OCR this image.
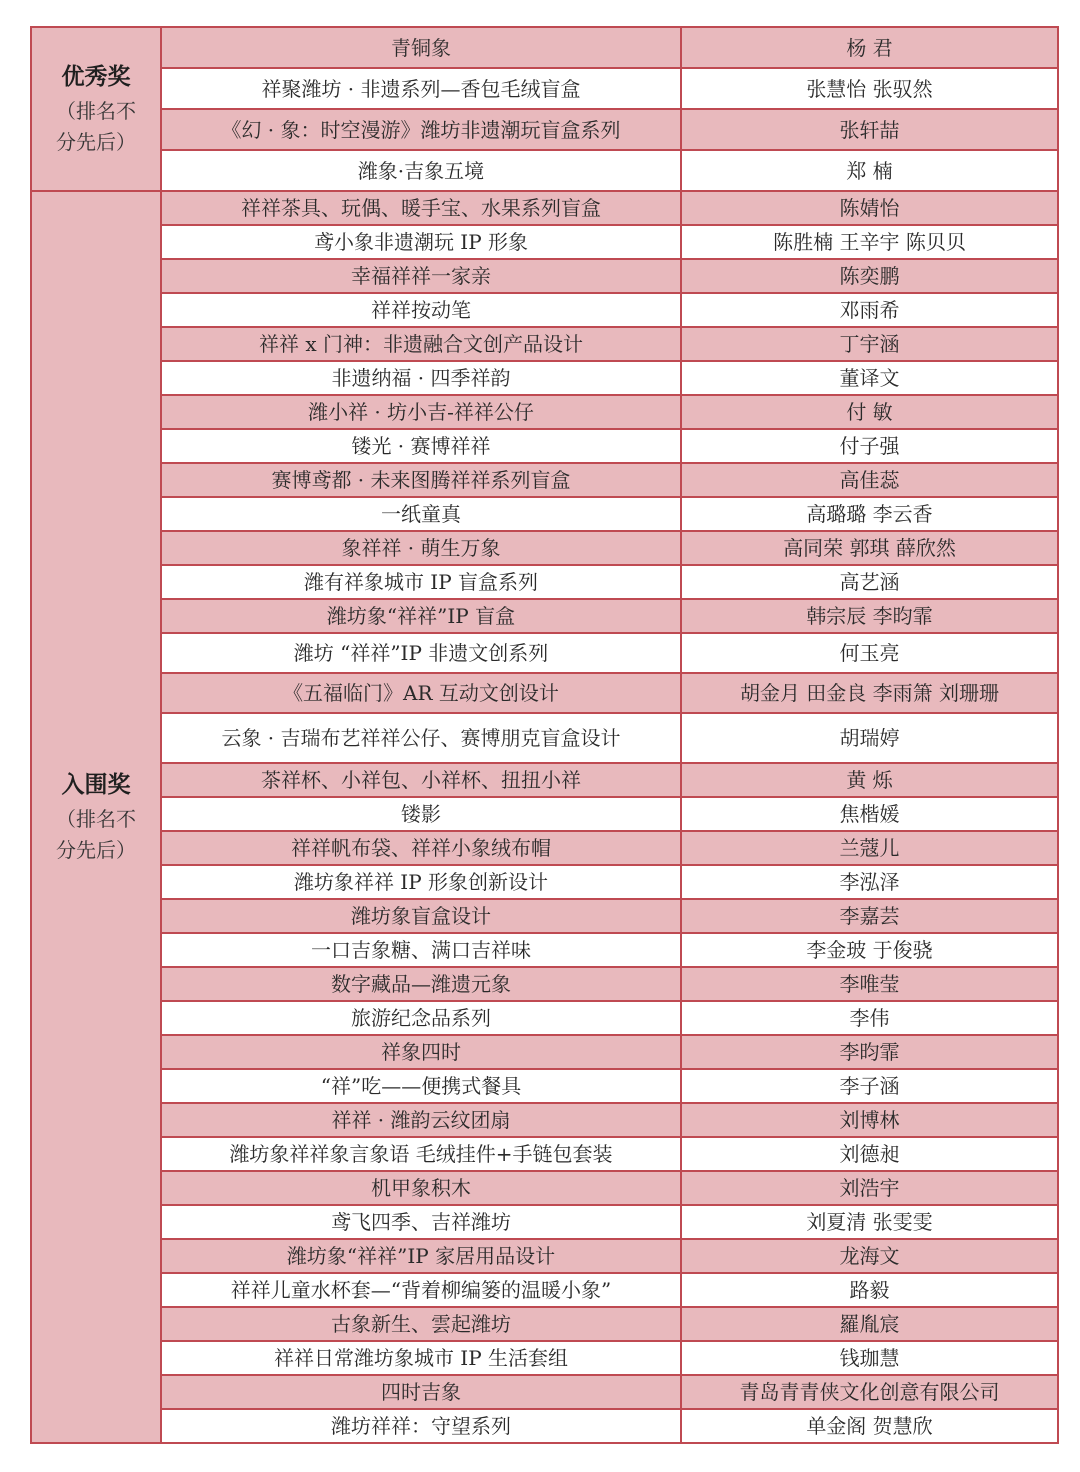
优秀奖
（排名不
分先后）	青铜象	杨 君
	祥聚潍坊 · 非遗系列—香包毛绒盲盒	张慧怡 张驭然
	《幻 · 象：时空漫游》潍坊非遗潮玩盲盒系列	张轩喆
	潍象·吉象五境	郑 楠

入围奖
（排名不
分先后）	祥祥茶具、玩偶、暖手宝、水果系列盲盒	陈婧怡
	鸢小象非遗潮玩 IP 形象	陈胜楠 王辛宇 陈贝贝
	幸福祥祥一家亲	陈奕鹏
	祥祥按动笔	邓雨希
	祥祥 x 门神：非遗融合文创产品设计	丁宇涵
	非遗纳福 · 四季祥韵	董译文
	潍小祥 · 坊小吉-祥祥公仔	付 敏
	镂光 · 赛博祥祥	付子强
	赛博鸢都 · 未来图腾祥祥系列盲盒	高佳蕊
	一纸童真	高璐璐 李云香
	象祥祥 · 萌生万象	高同荣 郭琪 薛欣然
	潍有祥象城市 IP 盲盒系列	高艺涵
	潍坊象“祥祥”IP 盲盒	韩宗辰 李昀霏
	潍坊 “祥祥”IP 非遗文创系列	何玉亮
	《五福临门》AR 互动文创设计	胡金月 田金良 李雨箫 刘珊珊
	云象 · 吉瑞布艺祥祥公仔、赛博朋克盲盒设计	胡瑞婷
	茶祥杯、小祥包、小祥杯、扭扭小祥	黄 烁
	镂影	焦楷媛
	祥祥帆布袋、祥祥小象绒布帽	兰蔻儿
	潍坊象祥祥 IP 形象创新设计	李泓泽
	潍坊象盲盒设计	李嘉芸
	一口吉象糖、满口吉祥味	李金玻 于俊骁
	数字藏品—潍遗元象	李唯莹
	旅游纪念品系列	李伟
	祥象四时	李昀霏
	“祥”吃——便携式餐具	李子涵
	祥祥 · 潍韵云纹团扇	刘博林
	潍坊象祥祥象言象语 毛绒挂件+手链包套装	刘德昶
	机甲象积木	刘浩宇
	鸢飞四季、吉祥潍坊	刘夏清 张雯雯
	潍坊象“祥祥”IP 家居用品设计	龙海文
	祥祥儿童水杯套—“背着柳编篓的温暖小象”	路毅
	古象新生、雲起潍坊	羅胤宸
	祥祥日常潍坊象城市 IP 生活套组	钱珈慧
	四时吉象	青岛青青侠文化创意有限公司
	潍坊祥祥：守望系列	单金阁 贺慧欣
